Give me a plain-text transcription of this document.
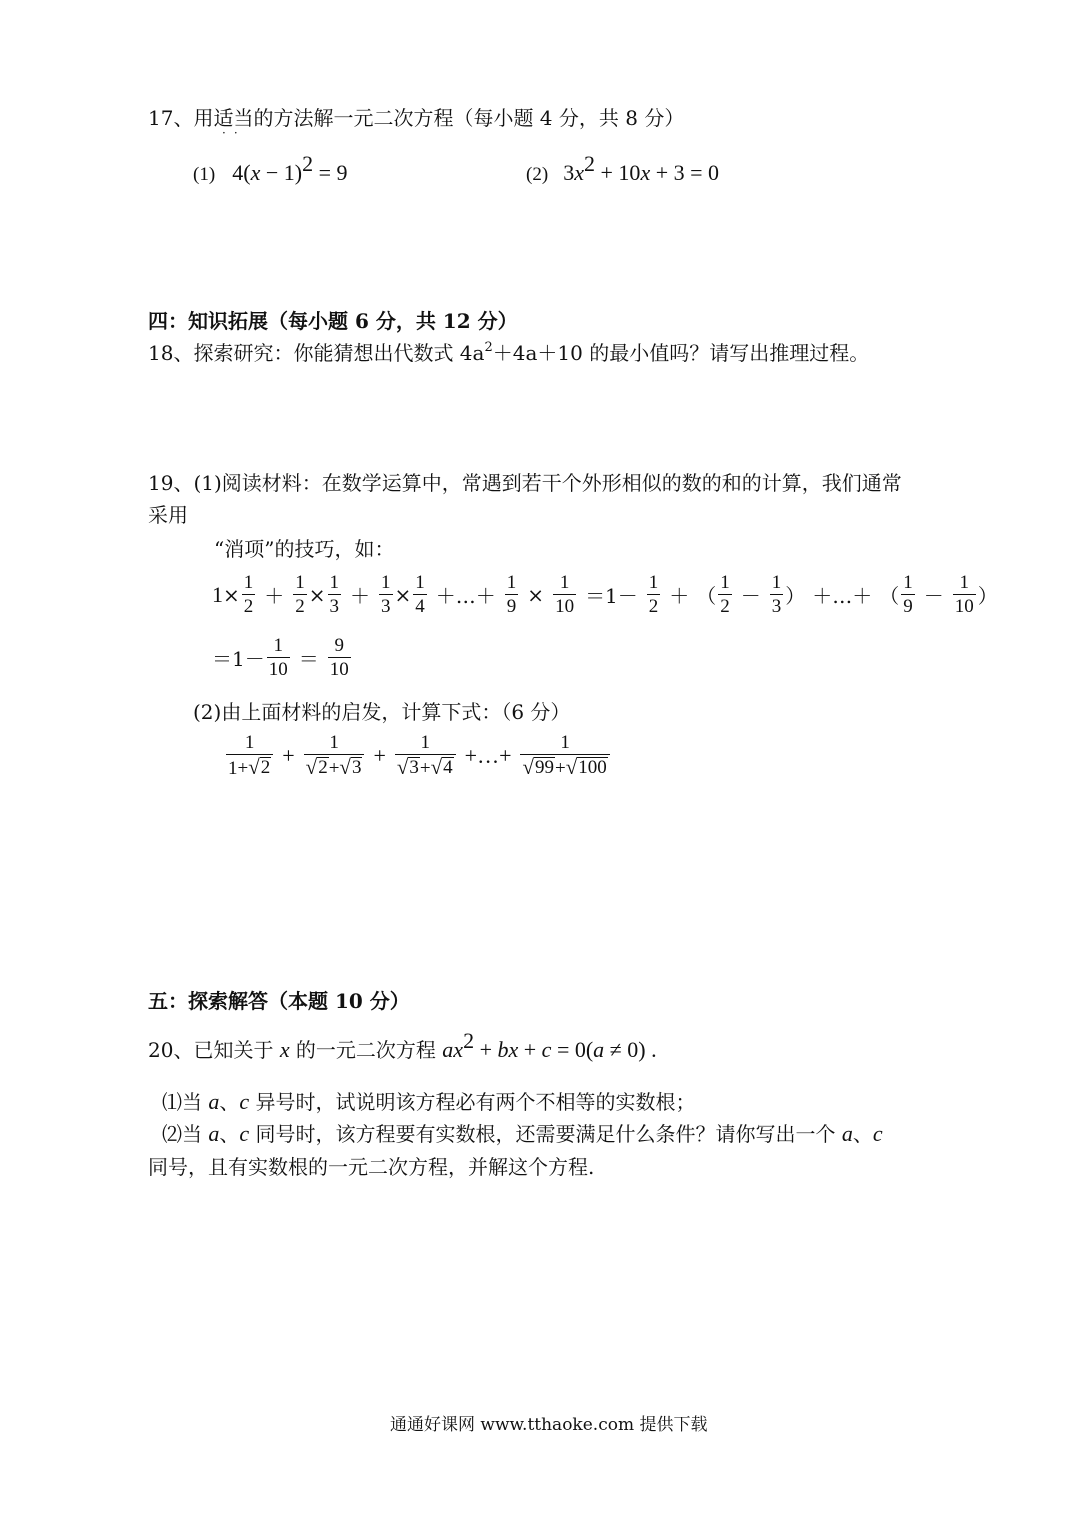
17、用适当的方法解一元二次方程（每小题 4 分，共 8 分）
··
(1) $4(x - 1)^2 = 9$	(2) $3x^2 + 10x + 3 = 0$
四：知识拓展（每小题 6 分，共 12 分）
18、探索研究：你能猜想出代数式 $4a^2+4a+10$ 的最小值吗？请写出推理过程。
19、(1)阅读材料：在数学运算中，常遇到若干个外形相似的数的和的计算，我们通常
采用
“消项”的技巧，如：
$1 \times \frac{1}{2} + \frac{1}{2} \times \frac{1}{3} + \frac{1}{3} \times \frac{1}{4}$ ＋…＋ $\frac{1}{9} \times \frac{1}{10} =1- \frac{1}{2}$ ＋ （ $\frac{1}{2} - \frac{1}{3}$ ） ＋…＋ （ $\frac{1}{9} - \frac{1}{10}$ ）
$=1- \frac{1}{10} = \frac{9}{10}$
(2)由上面材料的启发，计算下式：（6 分）
$\frac{1}{1+ √ 2} + \frac{1}{√ 2 + √ 3} + \frac{1}{√ 3 + √ 4}$ +…+ $\frac{1}{√ 99 + √ 100}$
五：探索解答（本题 10 分）
20、已知关于 x 的一元二次方程 $ax^2$ + bx + c = 0(a ≠ 0) .
⑴当 a、c 异号时，试说明该方程必有两个不相等的实数根；
⑵当 a、c 同号时，该方程要有实数根，还需要满足什么条件？请你写出一个 a、c
同号，且有实数根的一元二次方程，并解这个方程.
通通好课网 www.tthaoke.com 提供下载
